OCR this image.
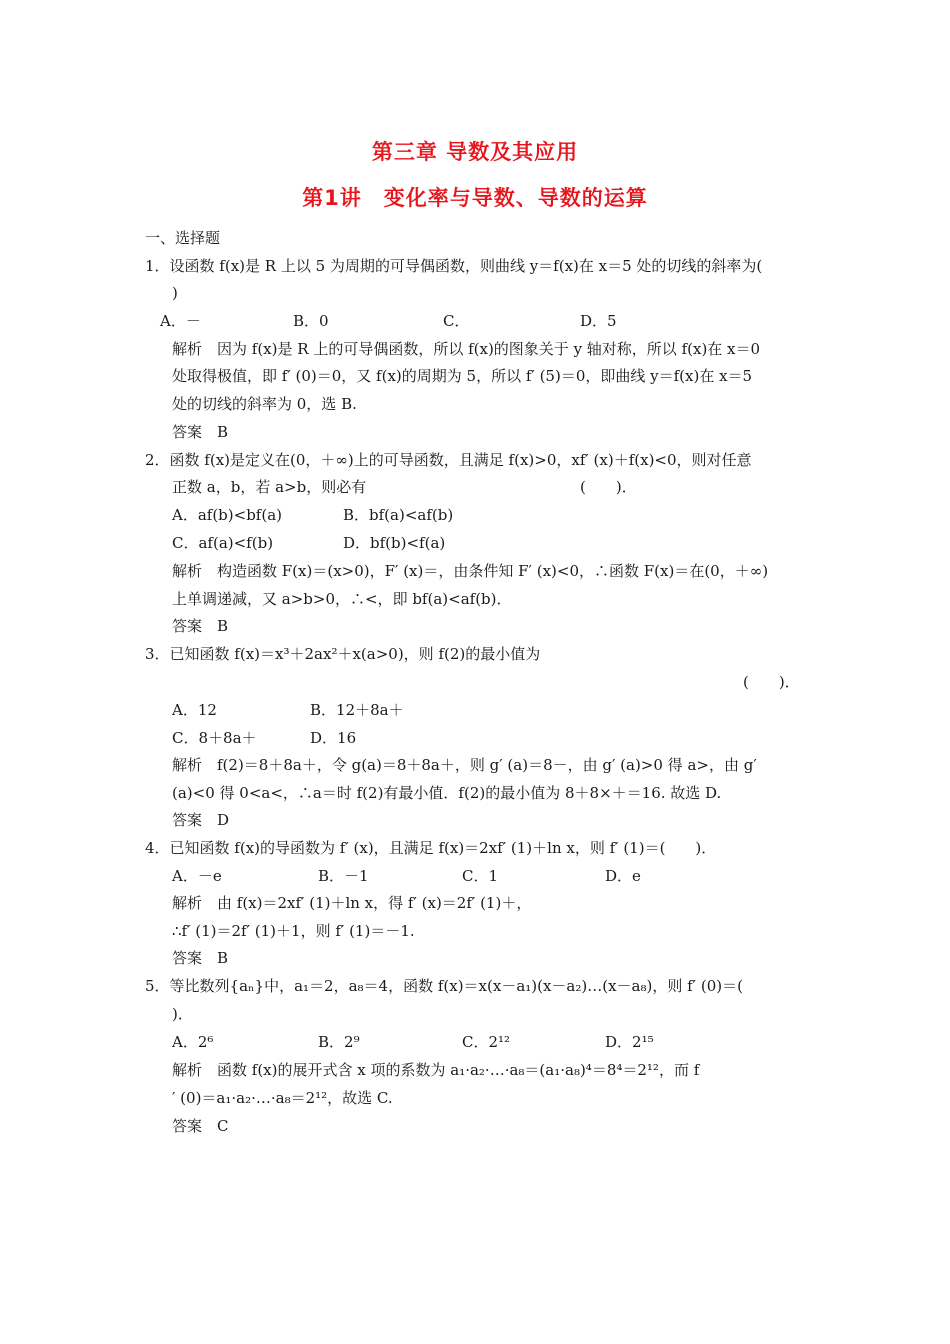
第三章 导数及其应用
第1讲　变化率与导数、导数的运算
一、选择题
1．设函数 f(x)是 R 上以 5 为周期的可导偶函数，则曲线 y＝f(x)在 x＝5 处的切线的斜率为(
)
A．－	B．0	C．	D．5
解析　因为 f(x)是 R 上的可导偶函数，所以 f(x)的图象关于 y 轴对称，所以 f(x)在 x＝0
处取得极值，即 f′ (0)＝0，又 f(x)的周期为 5，所以 f′ (5)＝0，即曲线 y＝f(x)在 x＝5
处的切线的斜率为 0，选 B.
答案　B
2．函数 f(x)是定义在(0，＋∞)上的可导函数，且满足 f(x)>0，xf′ (x)＋f(x)<0，则对任意
正数 a，b，若 a>b，则必有	(　　)．
A．af(b)<bf(a)	B．bf(a)<af(b)
C．af(a)<f(b)	D．bf(b)<f(a)
解析　构造函数 F(x)＝(x>0)，F′ (x)＝，由条件知 F′ (x)<0，∴函数 F(x)＝在(0，＋∞)
上单调递减，又 a>b>0，∴<，即 bf(a)<af(b)．
答案　B
3．已知函数 f(x)＝x³＋2ax²＋x(a>0)，则 f(2)的最小值为
(　　)．
A．12	B．12＋8a＋
C．8＋8a＋	D．16
解析　f(2)＝8＋8a＋，令 g(a)＝8＋8a＋，则 g′ (a)＝8－，由 g′ (a)>0 得 a>，由 g′
(a)<0 得 0<a<，∴a＝时 f(2)有最小值．f(2)的最小值为 8＋8×＋＝16. 故选 D.
答案　D
4．已知函数 f(x)的导函数为 f′ (x)，且满足 f(x)＝2xf′ (1)＋ln x，则 f′ (1)＝(　　)．
A．－e	B．－1	C．1	D．e
解析　由 f(x)＝2xf′ (1)＋ln x，得 f′ (x)＝2f′ (1)＋，
∴f′ (1)＝2f′ (1)＋1，则 f′ (1)＝－1.
答案　B
5．等比数列{aₙ}中，a₁＝2，a₈＝4，函数 f(x)＝x(x－a₁)(x－a₂)…(x－a₈)，则 f′ (0)＝(
)．
A．2⁶	B．2⁹	C．2¹²	D．2¹⁵
解析　函数 f(x)的展开式含 x 项的系数为 a₁·a₂·…·a₈＝(a₁·a₈)⁴＝8⁴＝2¹²，而 f
′ (0)＝a₁·a₂·…·a₈＝2¹²，故选 C.
答案　C
